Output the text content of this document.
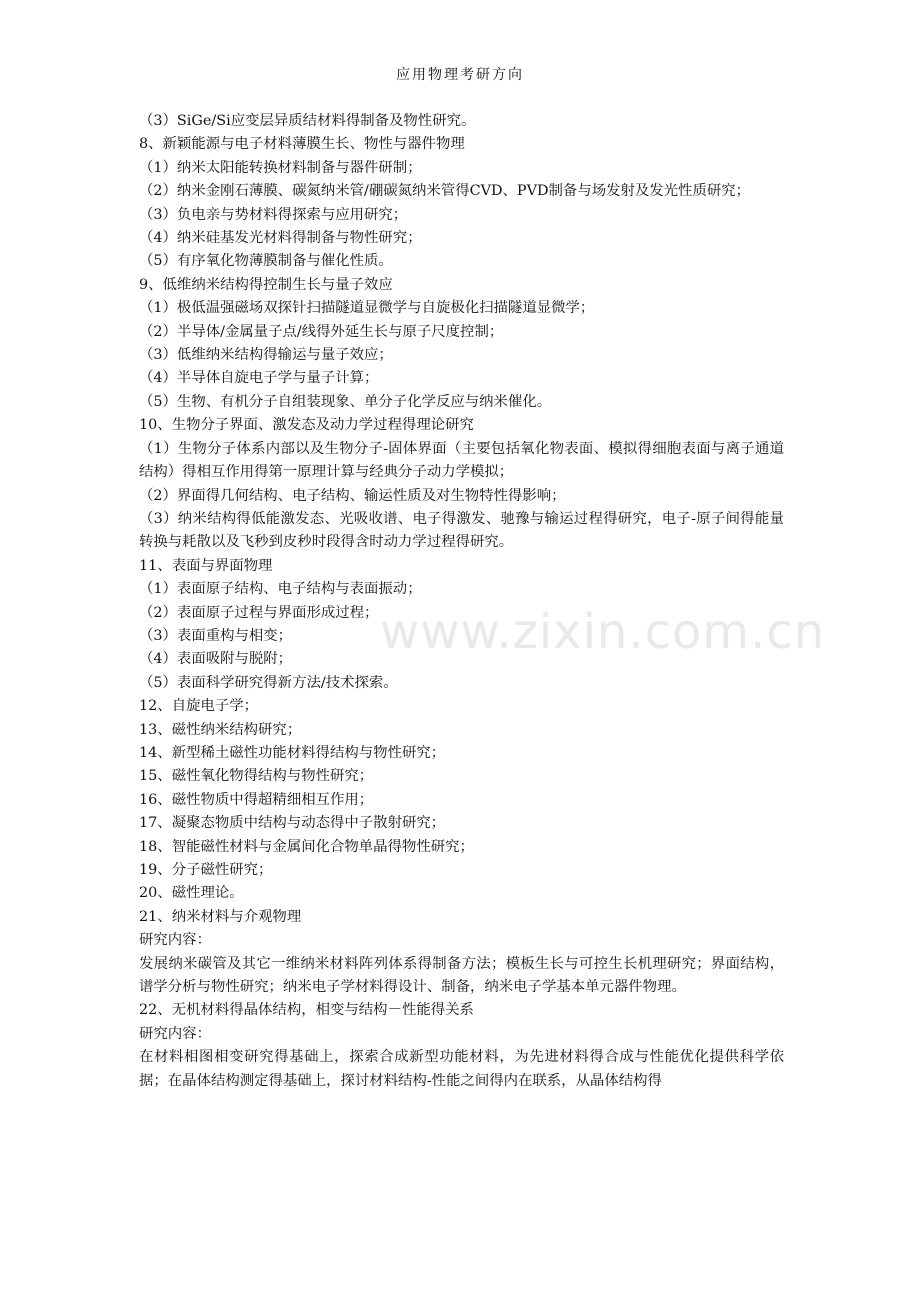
应用物理考研方向
www.zixin.com.cn

（3）SiGe/Si应变层异质结材料得制备及物性研究。

8、新颖能源与电子材料薄膜生长、物性与器件物理

（1）纳米太阳能转换材料制备与器件研制；

（2）纳米金刚石薄膜、碳氮纳米管/硼碳氮纳米管得CVD、PVD制备与场发射及发光性质研究；

（3）负电亲与势材料得探索与应用研究；

（4）纳米硅基发光材料得制备与物性研究；

（5）有序氧化物薄膜制备与催化性质。

9、低维纳米结构得控制生长与量子效应

（1）极低温强磁场双探针扫描隧道显微学与自旋极化扫描隧道显微学；

（2）半导体/金属量子点/线得外延生长与原子尺度控制；

（3）低维纳米结构得输运与量子效应；

（4）半导体自旋电子学与量子计算；

（5）生物、有机分子自组装现象、单分子化学反应与纳米催化。

10、生物分子界面、激发态及动力学过程得理论研究

（1）生物分子体系内部以及生物分子-固体界面（主要包括氧化物表面、模拟得细胞表面与离子通道结构）得相互作用得第一原理计算与经典分子动力学模拟；

（2）界面得几何结构、电子结构、输运性质及对生物特性得影响；

（3）纳米结构得低能激发态、光吸收谱、电子得激发、驰豫与输运过程得研究，电子-原子间得能量转换与耗散以及飞秒到皮秒时段得含时动力学过程得研究。

11、表面与界面物理

（1）表面原子结构、电子结构与表面振动；

（2）表面原子过程与界面形成过程；

（3）表面重构与相变；

（4）表面吸附与脱附；

（5）表面科学研究得新方法/技术探索。

12、自旋电子学；

13、磁性纳米结构研究；

14、新型稀土磁性功能材料得结构与物性研究；

15、磁性氧化物得结构与物性研究；

16、磁性物质中得超精细相互作用；

17、凝聚态物质中结构与动态得中子散射研究；

18、智能磁性材料与金属间化合物单晶得物性研究；

19、分子磁性研究；

20、磁性理论。

21、纳米材料与介观物理

研究内容：

发展纳米碳管及其它一维纳米材料阵列体系得制备方法；模板生长与可控生长机理研究；界面结构，谱学分析与物性研究；纳米电子学材料得设计、制备，纳米电子学基本单元器件物理。

22、无机材料得晶体结构，相变与结构－性能得关系

研究内容：

在材料相图相变研究得基础上，探索合成新型功能材料，为先进材料得合成与性能优化提供科学依据；在晶体结构测定得基础上，探讨材料结构-性能之间得内在联系，从晶体结构得
